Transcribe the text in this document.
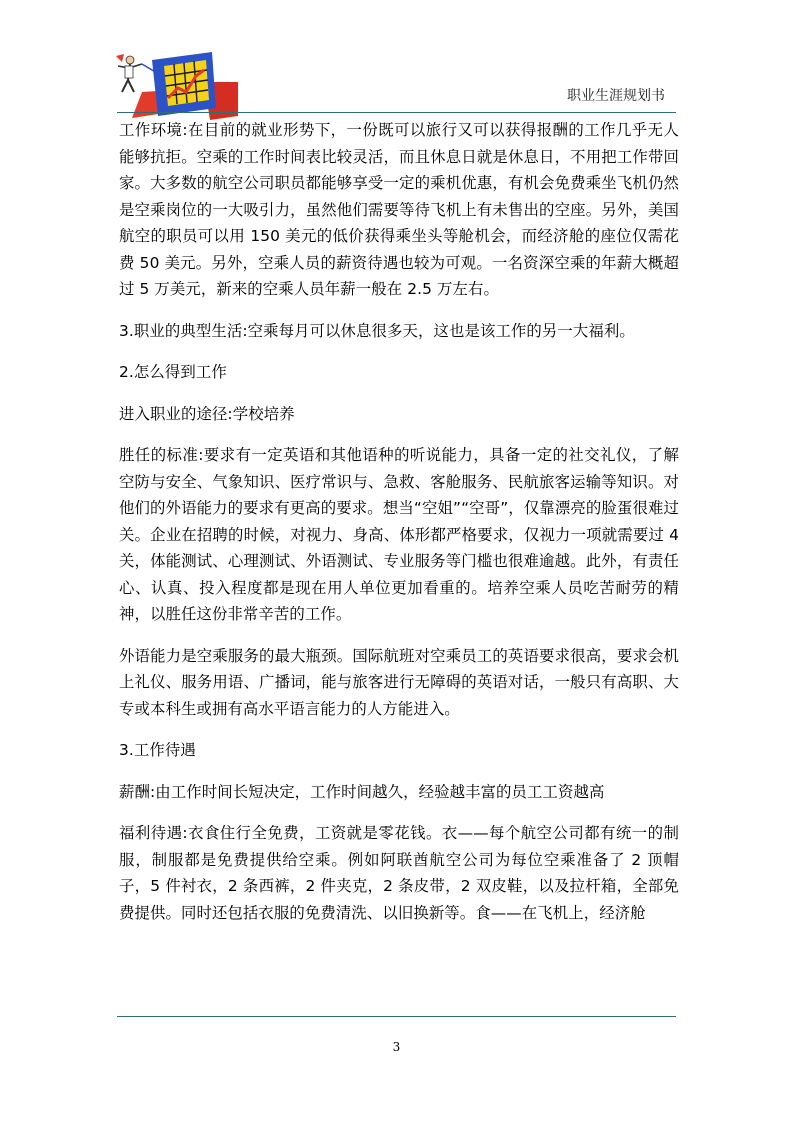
职业生涯规划书

工作环境:在目前的就业形势下，一份既可以旅行又可以获得报酬的工作几乎无人能够抗拒。空乘的工作时间表比较灵活，而且休息日就是休息日，不用把工作带回家。大多数的航空公司职员都能够享受一定的乘机优惠，有机会免费乘坐飞机仍然是空乘岗位的一大吸引力，虽然他们需要等待飞机上有未售出的空座。另外，美国航空的职员可以用 150 美元的低价获得乘坐头等舱机会，而经济舱的座位仅需花费 50 美元。另外，空乘人员的薪资待遇也较为可观。一名资深空乘的年薪大概超过 5 万美元，新来的空乘人员年薪一般在 2.5 万左右。

3.职业的典型生活:空乘每月可以休息很多天，这也是该工作的另一大福利。

2.怎么得到工作

进入职业的途径:学校培养

胜任的标准:要求有一定英语和其他语种的听说能力，具备一定的社交礼仪，了解空防与安全、气象知识、医疗常识与、急救、客舱服务、民航旅客运输等知识。对他们的外语能力的要求有更高的要求。想当“空姐”“空哥”，仅靠漂亮的脸蛋很难过关。企业在招聘的时候，对视力、身高、体形都严格要求，仅视力一项就需要过 4 关，体能测试、心理测试、外语测试、专业服务等门槛也很难逾越。此外，有责任心、认真、投入程度都是现在用人单位更加看重的。培养空乘人员吃苦耐劳的精神，以胜任这份非常辛苦的工作。

外语能力是空乘服务的最大瓶颈。国际航班对空乘员工的英语要求很高，要求会机上礼仪、服务用语、广播词，能与旅客进行无障碍的英语对话，一般只有高职、大专或本科生或拥有高水平语言能力的人方能进入。

3.工作待遇

薪酬:由工作时间长短决定，工作时间越久，经验越丰富的员工工资越高

福利待遇:衣食住行全免费，工资就是零花钱。衣——每个航空公司都有统一的制服，制服都是免费提供给空乘。例如阿联酋航空公司为每位空乘准备了 2 顶帽子，5 件衬衣，2 条西裤，2 件夹克，2 条皮带，2 双皮鞋，以及拉杆箱，全部免费提供。同时还包括衣服的免费清洗、以旧换新等。食——在飞机上，经济舱

3
